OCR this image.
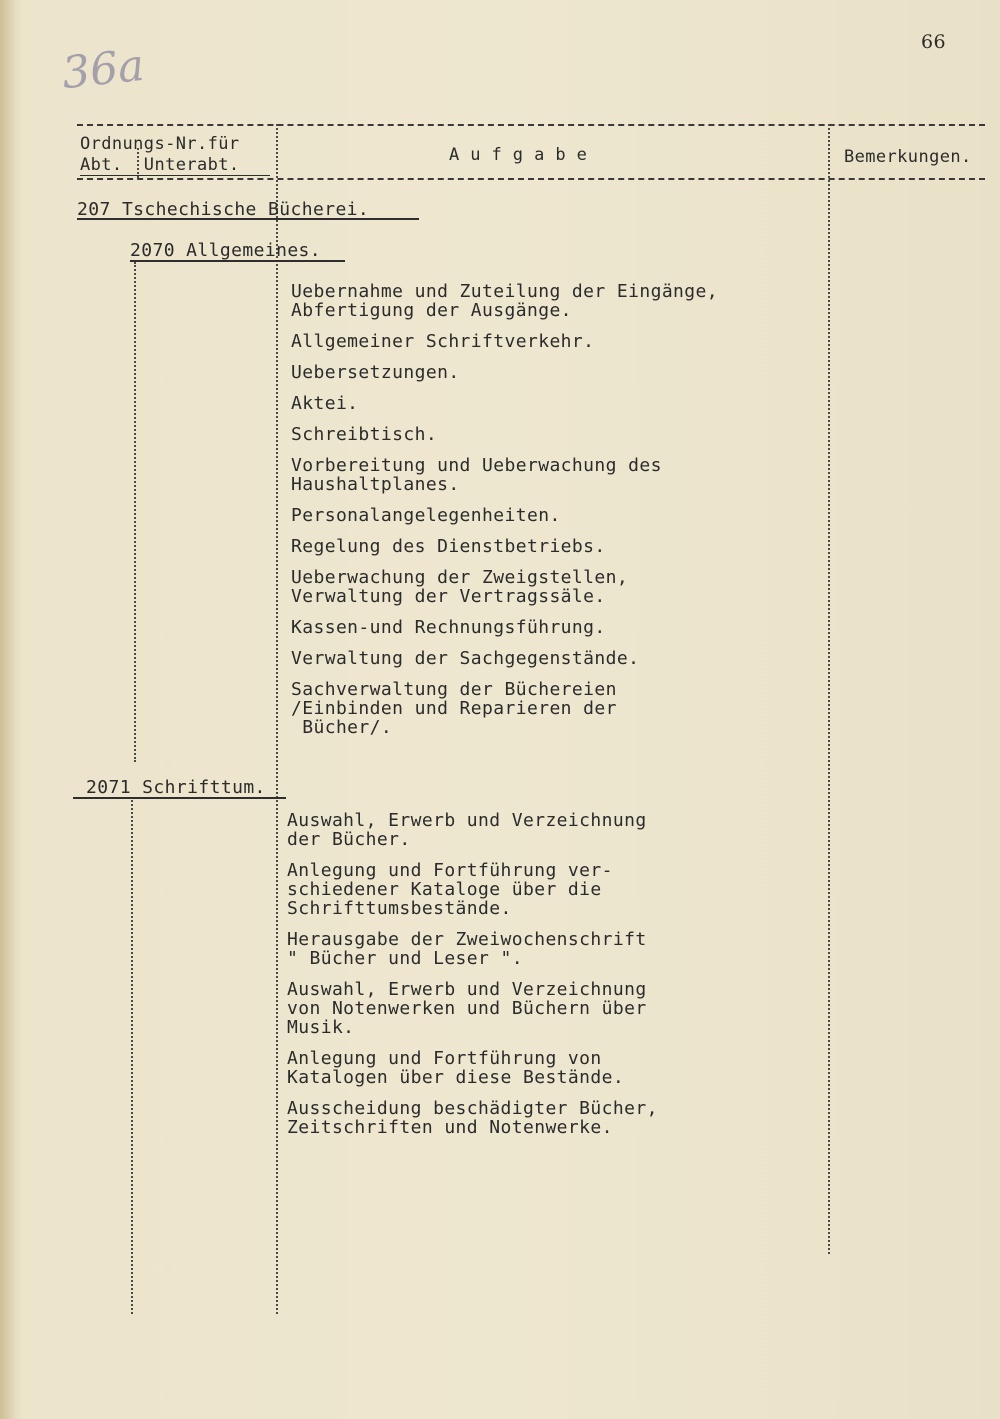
66
36a
Ordnungs-Nr.für
Abt.  Unterabt.	A u f g a b e	Bemerkungen.
207 Tschechische Bücherei.
2070 Allgemeines.
Uebernahme und Zuteilung der Eingänge,
Abfertigung der Ausgänge.
Allgemeiner Schriftverkehr.
Uebersetzungen.
Aktei.
Schreibtisch.
Vorbereitung und Ueberwachung des
Haushaltplanes.
Personalangelegenheiten.
Regelung des Dienstbetriebs.
Ueberwachung der Zweigstellen,
Verwaltung der Vertragssäle.
Kassen-und Rechnungsführung.
Verwaltung der Sachgegenstände.
Sachverwaltung der Büchereien
/Einbinden und Reparieren der
Bücher/.
2071 Schrifttum.
Auswahl, Erwerb und Verzeichnung
der Bücher.
Anlegung und Fortführung ver-
schiedener Kataloge über die
Schrifttumsbestände.
Herausgabe der Zweiwochenschrift
" Bücher und Leser ".
Auswahl, Erwerb und Verzeichnung
von Notenwerken und Büchern über
Musik.
Anlegung und Fortführung von
Katalogen über diese Bestände.
Ausscheidung beschädigter Bücher,
Zeitschriften und Notenwerke.
